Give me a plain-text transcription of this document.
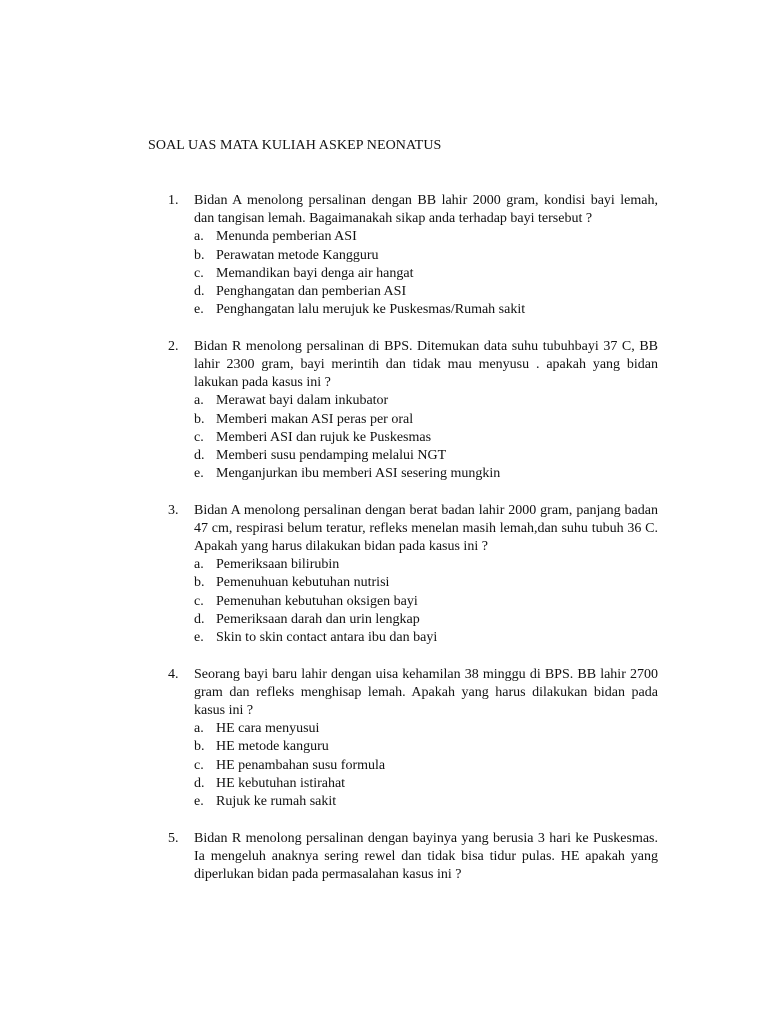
SOAL UAS MATA KULIAH ASKEP NEONATUS
1. Bidan A menolong persalinan dengan BB lahir 2000 gram, kondisi bayi lemah, dan tangisan lemah. Bagaimanakah sikap anda terhadap bayi tersebut ?
a. Menunda pemberian ASI
b. Perawatan metode Kangguru
c. Memandikan bayi denga air hangat
d. Penghangatan dan pemberian ASI
e. Penghangatan lalu merujuk ke Puskesmas/Rumah sakit
2. Bidan R menolong persalinan di BPS. Ditemukan data suhu tubuhbayi 37 C, BB lahir 2300 gram, bayi merintih dan tidak mau menyusu . apakah yang bidan lakukan pada kasus ini ?
a. Merawat bayi dalam inkubator
b. Memberi makan ASI peras per oral
c. Memberi ASI dan rujuk ke Puskesmas
d. Memberi susu pendamping melalui NGT
e. Menganjurkan ibu memberi ASI sesering mungkin
3. Bidan A menolong persalinan dengan berat badan lahir 2000 gram, panjang badan 47 cm, respirasi belum teratur, refleks menelan masih lemah,dan suhu tubuh 36 C. Apakah yang harus dilakukan bidan pada kasus ini ?
a. Pemeriksaan bilirubin
b. Pemenuhuan kebutuhan nutrisi
c. Pemenuhan kebutuhan oksigen bayi
d. Pemeriksaan darah dan urin lengkap
e. Skin to skin contact antara ibu dan bayi
4. Seorang bayi baru lahir dengan uisa kehamilan 38 minggu di BPS. BB lahir 2700 gram dan refleks menghisap lemah. Apakah yang harus dilakukan bidan pada kasus ini ?
a. HE cara menyusui
b. HE metode kanguru
c. HE penambahan susu formula
d. HE kebutuhan istirahat
e. Rujuk ke rumah sakit
5. Bidan R menolong persalinan dengan bayinya yang berusia 3 hari ke Puskesmas. Ia mengeluh anaknya sering rewel dan tidak bisa tidur pulas. HE apakah yang diperlukan bidan pada permasalahan kasus ini ?
